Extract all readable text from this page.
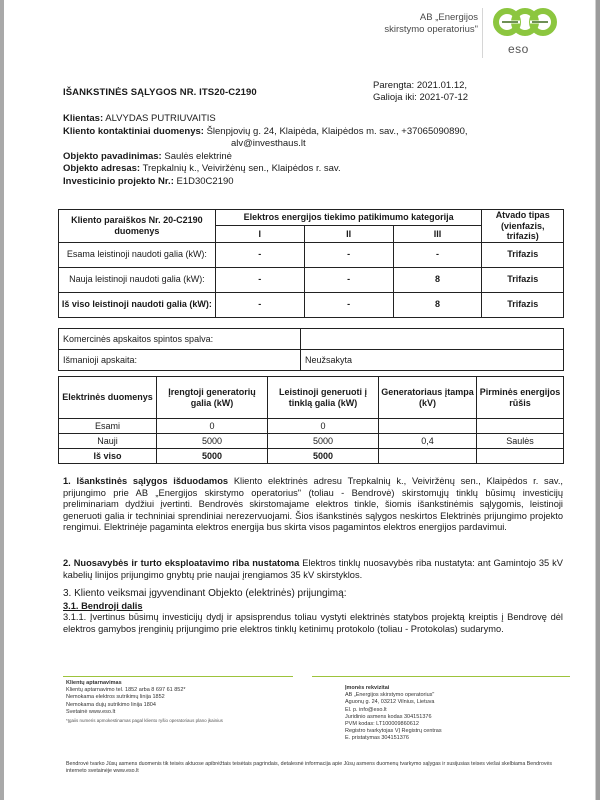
AB „Energijos
skirstymo operatorius"
eso
IŠANKSTINĖS SĄLYGOS NR. ITS20-C2190
Parengta: 2021.01.12,
Galioja iki: 2021-07-12
Klientas: ALVYDAS PUTRIUVAITIS
Kliento kontaktiniai duomenys: Šlenpjovių g. 24, Klaipėda, Klaipėdos m. sav., +37065090890,
alv@investhaus.lt
Objekto pavadinimas: Saulės elektrinė
Objekto adresas: Trepkalnių k., Veiviržėnų sen., Klaipėdos r. sav.
Investicinio projekto Nr.: E1D30C2190
Kliento paraiškos Nr. 20-C2190 duomenys	Elektros energijos tiekimo patikimumo kategorija			Atvado tipas (vienfazis, trifazis)
	I	II	III	
Esama leistinoji naudoti galia (kW):	-	-	-	Trifazis
Nauja leistinoji naudoti galia (kW):	-	-	8	Trifazis
Iš viso leistinoji naudoti galia (kW):	-	-	8	Trifazis
Komercinės apskaitos spintos spalva:	
Išmanioji apskaita:	Neužsakyta
Elektrinės duomenys	Įrengtoji generatorių galia (kW)	Leistinoji generuoti į tinklą galia (kW)	Generatoriaus įtampa (kV)	Pirminės energijos rūšis
Esami	0	0		
Nauji	5000	5000	0,4	Saulės
Iš viso	5000	5000		
1. Išankstinės sąlygos išduodamos Kliento elektrinės adresu Trepkalnių k., Veiviržėnų sen., Klaipėdos r. sav., prijungimo prie AB „Energijos skirstymo operatorius" (toliau - Bendrovė) skirstomųjų tinklų būsimų investicijų preliminariam dydžiui įvertinti. Bendrovės skirstomajame elektros tinkle, šiomis išankstinėmis sąlygomis, leistinoji generuoti galia ir techniniai sprendiniai nerezervuojami. Šios išankstinės sąlygos neskirtos Elektrinės prijungimo projekto rengimui. Elektrinėje pagaminta elektros energija bus skirta visos pagamintos elektros energijos pardavimui.
2. Nuosavybės ir turto eksploatavimo riba nustatoma Elektros tinklų nuosavybės riba nustatyta: ant Gamintojo 35 kV kabelių linijos prijungimo gnybtų prie naujai įrengiamos 35 kV skirstyklos.
3. Kliento veiksmai įgyvendinant Objekto (elektrinės) prijungimą:
3.1. Bendroji dalis
3.1.1. Įvertinus būsimų investicijų dydį ir apsisprendus toliau vystyti elektrinės statybos projektą kreiptis į Bendrovę dėl elektros gamybos įrenginių prijungimo prie elektros tinklų ketinimų protokolo (toliau - Protokolas) sudarymo.
Klientų aptarnavimas
Klientų aptarnavimo tel. 1852 arba 8 697 61 852*
Nemokama elektros sutrikimų linija 1852
Nemokama dujų sutrikimo linija 1804
Svetainė www.eso.lt
*Įgaiis numeris apmokestinamas pagal kliento ryšio operatoriaus plano įkainius
Įmonės rekvizitai
AB „Energijos skirstymo operatorius"
Aguonų g. 24, 03212 Vilnius, Lietuva
El. p. info@eso.lt
Juridinio asmens kodas 304151376
PVM kodas: LT100009860612
Registro tvarkytojas VĮ Registrų centras
E. pristatymas 304151376
Bendrovė tvarko Jūsų asmens duomenis tik teisės aktuose apibrėžtais teisėtais pagrindais, detalesnė informacija apie Jūsų asmens duomenų tvarkymo sąlygas ir susijusias teises viešai skelbiama Bendrovės interneto svetainėje www.eso.lt
